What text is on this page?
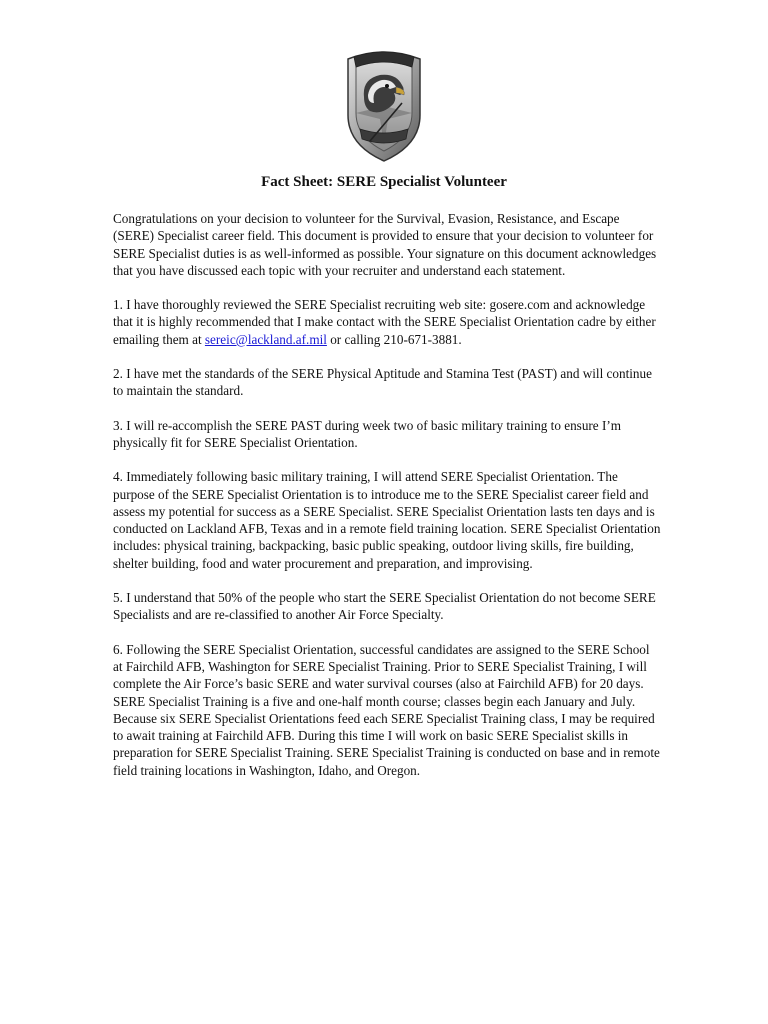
Fact Sheet: SERE Specialist Volunteer

Congratulations on your decision to volunteer for the Survival, Evasion, Resistance, and Escape (SERE) Specialist career field. This document is provided to ensure that your decision to volunteer for SERE Specialist duties is as well-informed as possible. Your signature on this document acknowledges that you have discussed each topic with your recruiter and understand each statement.

1. I have thoroughly reviewed the SERE Specialist recruiting web site: gosere.com and acknowledge that it is highly recommended that I make contact with the SERE Specialist Orientation cadre by either emailing them at sereic@lackland.af.mil or calling 210-671-3881.

2. I have met the standards of the SERE Physical Aptitude and Stamina Test (PAST) and will continue to maintain the standard.

3. I will re-accomplish the SERE PAST during week two of basic military training to ensure I’m physically fit for SERE Specialist Orientation.

4. Immediately following basic military training, I will attend SERE Specialist Orientation. The purpose of the SERE Specialist Orientation is to introduce me to the SERE Specialist career field and assess my potential for success as a SERE Specialist. SERE Specialist Orientation lasts ten days and is conducted on Lackland AFB, Texas and in a remote field training location. SERE Specialist Orientation includes: physical training, backpacking, basic public speaking, outdoor living skills, fire building, shelter building, food and water procurement and preparation, and improvising.

5. I understand that 50% of the people who start the SERE Specialist Orientation do not become SERE Specialists and are re-classified to another Air Force Specialty.

6. Following the SERE Specialist Orientation, successful candidates are assigned to the SERE School at Fairchild AFB, Washington for SERE Specialist Training. Prior to SERE Specialist Training, I will complete the Air Force’s basic SERE and water survival courses (also at Fairchild AFB) for 20 days. SERE Specialist Training is a five and one-half month course; classes begin each January and July. Because six SERE Specialist Orientations feed each SERE Specialist Training class, I may be required to await training at Fairchild AFB. During this time I will work on basic SERE Specialist skills in preparation for SERE Specialist Training. SERE Specialist Training is conducted on base and in remote field training locations in Washington, Idaho, and Oregon.
